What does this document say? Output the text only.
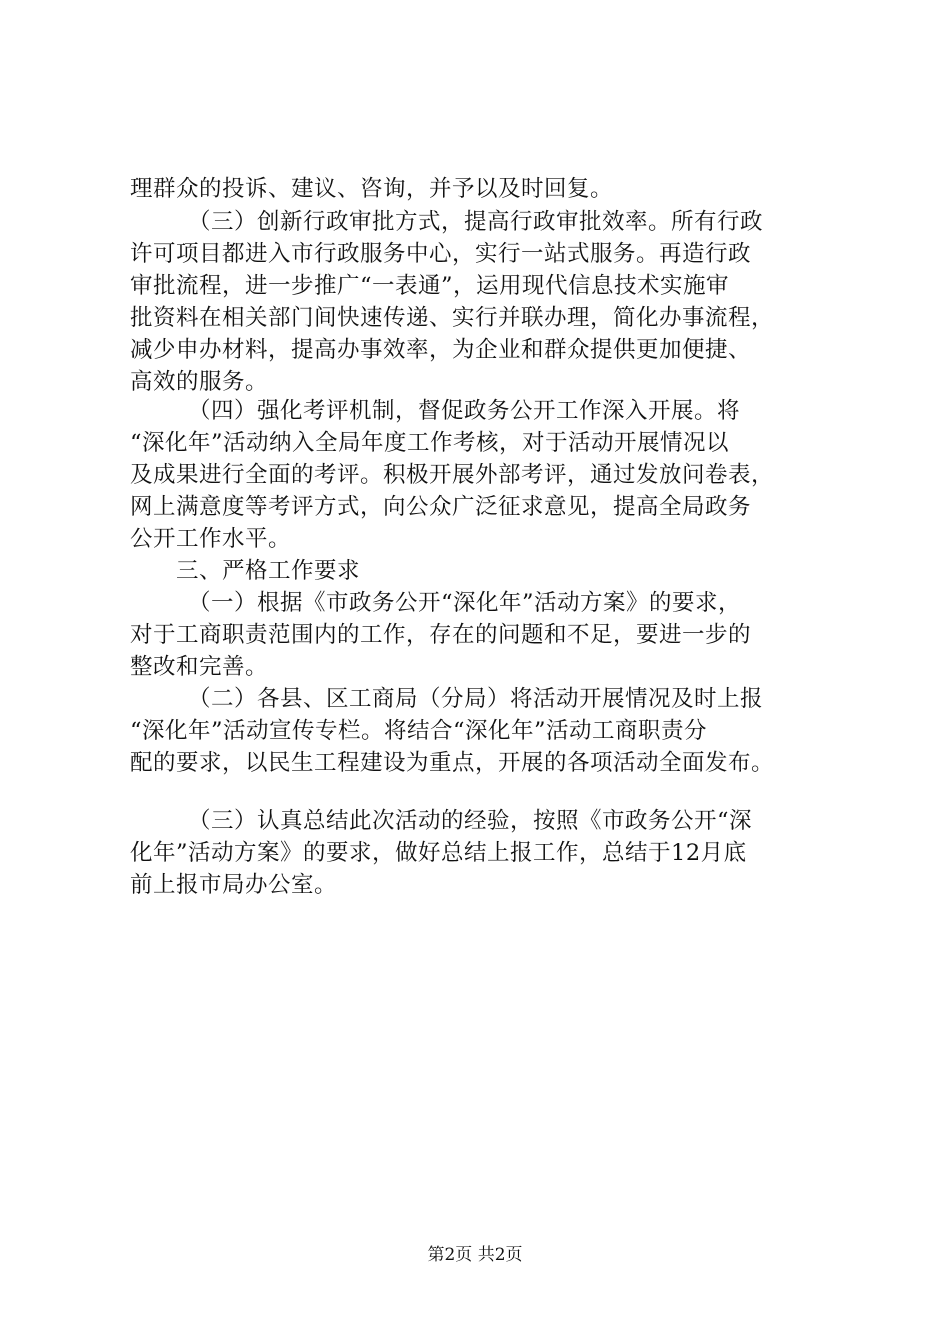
理群众的投诉、建议、咨询，并予以及时回复。
（三）创新行政审批方式，提高行政审批效率。所有行政
许可项目都进入市行政服务中心，实行一站式服务。再造行政
审批流程，进一步推广“一表通”，运用现代信息技术实施审
批资料在相关部门间快速传递、实行并联办理，简化办事流程，
减少申办材料，提高办事效率，为企业和群众提供更加便捷、
高效的服务。
（四）强化考评机制，督促政务公开工作深入开展。将
“深化年”活动纳入全局年度工作考核，对于活动开展情况以
及成果进行全面的考评。积极开展外部考评，通过发放问卷表，
网上满意度等考评方式，向公众广泛征求意见，提高全局政务
公开工作水平。
三、严格工作要求
（一）根据《市政务公开“深化年”活动方案》的要求，
对于工商职责范围内的工作，存在的问题和不足，要进一步的
整改和完善。
（二）各县、区工商局（分局）将活动开展情况及时上报
“深化年”活动宣传专栏。将结合“深化年”活动工商职责分
配的要求，以民生工程建设为重点，开展的各项活动全面发布。
（三）认真总结此次活动的经验，按照《市政务公开“深
化年”活动方案》的要求，做好总结上报工作，总结于12月底
前上报市局办公室。
第2页 共2页
